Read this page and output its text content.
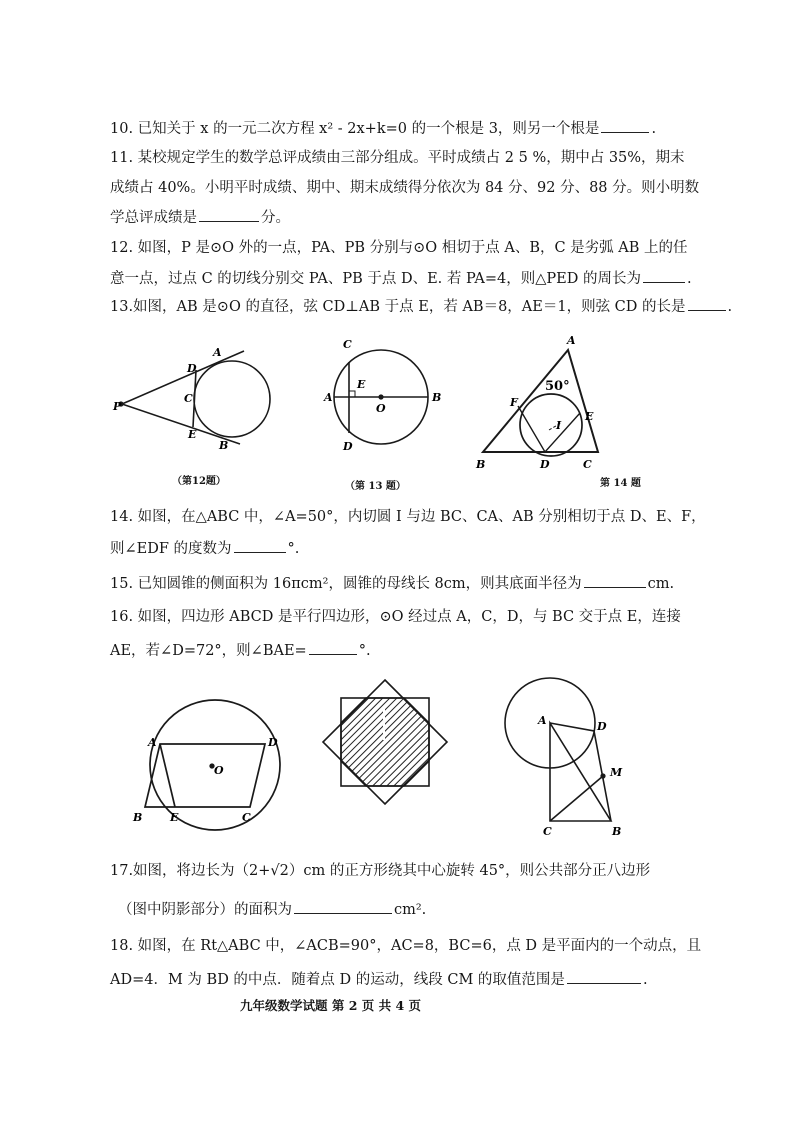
10. 已知关于 x 的一元二次方程 x² - 2x+k=0 的一个根是 3，则另一个根是	.
11. 某校规定学生的数学总评成绩由三部分组成。平时成绩占 2 5 %，期中占 35%，期末
成绩占 40%。小明平时成绩、期中、期末成绩得分依次为 84 分、92 分、88 分。则小明数
学总评成绩是	分。
12. 如图，P 是⊙O 外的一点，PA、PB 分别与⊙O 相切于点 A、B，C 是劣弧 AB 上的任
意一点，过点 C 的切线分别交 PA、PB 于点 D、E. 若 PA=4，则△PED 的周长为	.
13.如图，AB 是⊙O 的直径，弦 CD⊥AB 于点 E，若 AB＝8，AE＝1，则弦 CD 的长是	.
P
A
D
C
E
B
C
A
E
O
B
D
A
50°
F
E
I
B	D	C
（第12题）	（第 13 题）	第 14 题
14. 如图，在△ABC 中，∠A=50°，内切圆 I 与边 BC、CA、AB 分别相切于点 D、E、F，
则∠EDF 的度数为	°.
15. 已知圆锥的侧面积为 16πcm²，圆锥的母线长 8cm，则其底面半径为	cm.
16. 如图，四边形 ABCD 是平行四边形，⊙O 经过点 A，C，D，与 BC 交于点 E，连接
AE，若∠D=72°，则∠BAE=	°.
A	D
O
B	E	C
A	D
M
C	B
17.如图，将边长为（2+√2）cm 的正方形绕其中心旋转 45°，则公共部分正八边形
（图中阴影部分）的面积为	cm².
18. 如图，在 Rt△ABC 中，∠ACB=90°，AC=8，BC=6，点 D 是平面内的一个动点，且
AD=4．M 为 BD 的中点．随着点 D 的运动，线段 CM 的取值范围是	.
九年级数学试题 第 2 页 共 4 页
